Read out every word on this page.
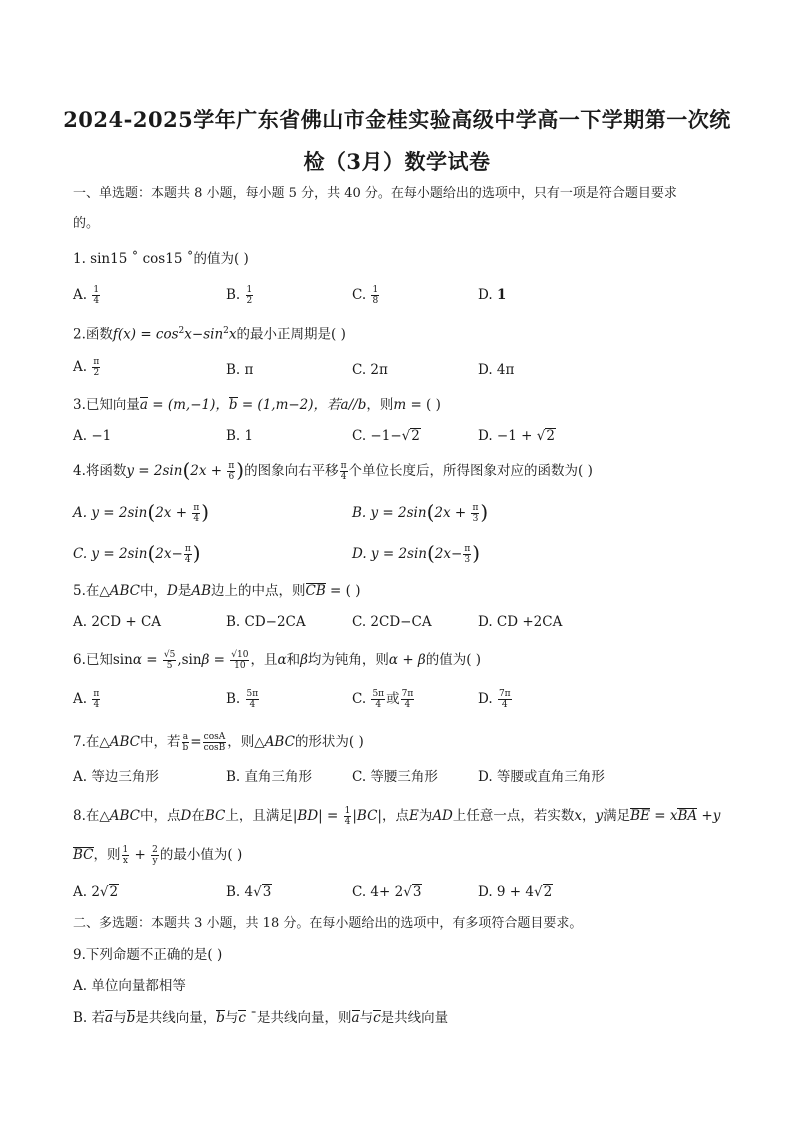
2024-2025学年广东省佛山市金桂实验高级中学高一下学期第一次统
检（3月）数学试卷
一、单选题：本题共 8 小题，每小题 5 分，共 40 分。在每小题给出的选项中，只有一项是符合题目要求
的。
1. sin15 ˚ cos15 ˚的值为( )
A. $\frac{1}{4}$	B. $\frac{1}{2}$	C. $\frac{1}{8}$	D. 1
2.函数$f(x) = \cos^2x-\sin^2x$的最小正周期是( )
A. $\frac{\pi}{2}$	B. π	C. 2π	D. 4π
3.已知向量a = (m,−1)，b = (1,m−2)，若a//b，则m = ( )
A. −1	B. 1	C. −1−√2	D. −1 + √2
4.将函数$y = 2\sin(2x + \frac{\pi}{6}$ )的图象向右平移 $\frac{\pi}{4}$ 个单位长度后，所得图象对应的函数为( )
A. $y = 2\sin(2x + \frac{\pi}{4}$ )	B. $y = 2\sin(2x + \frac{\pi}{3}$ )
C. $y = 2\sin(2x- \frac{\pi}{4}$ )	D. $y = 2\sin(2x- \frac{\pi}{3}$ )
5.在△ABC中，D是AB边上的中点，则CB = ( )
A. 2CD + CA	B. CD−2CA	C. 2CD−CA	D. CD +2CA
6.已知$\sin\alpha = \frac{√5}{5} ,\sin\beta = \frac{√10}{10}$ ，且α和β均为钝角，则α + β的值为( )
A. $\frac{\pi}{4}$	B. $\frac{5\pi}{4}$	C. $\frac{5\pi}{4}$ 或 $\frac{7\pi}{4}$	D. $\frac{7\pi}{4}$
7.在△ABC中，若 $\frac{a}{b} = \frac{\cos A}{\cos B}$ ，则△ABC的形状为( )
A. 等边三角形	B. 直角三角形	C. 等腰三角形	D. 等腰或直角三角形
8.在△ABC中，点D在BC上，且满足$|BD| = \frac{1}{4} |BC|$，点E为AD上任意一点，若实数x，y满足BE = xBA +y
BC，则 $\frac{1}{x} + \frac{2}{y}$ 的最小值为( )
A. 2√2	B. 4√3	C. 4+ 2√3	D. 9 + 4√2
二、多选题：本题共 3 小题，共 18 分。在每小题给出的选项中，有多项符合题目要求。
9.下列命题不正确的是( )
A. 单位向量都相等
B. 若a与b是共线向量，b与c ˉ是共线向量，则a与c是共线向量
